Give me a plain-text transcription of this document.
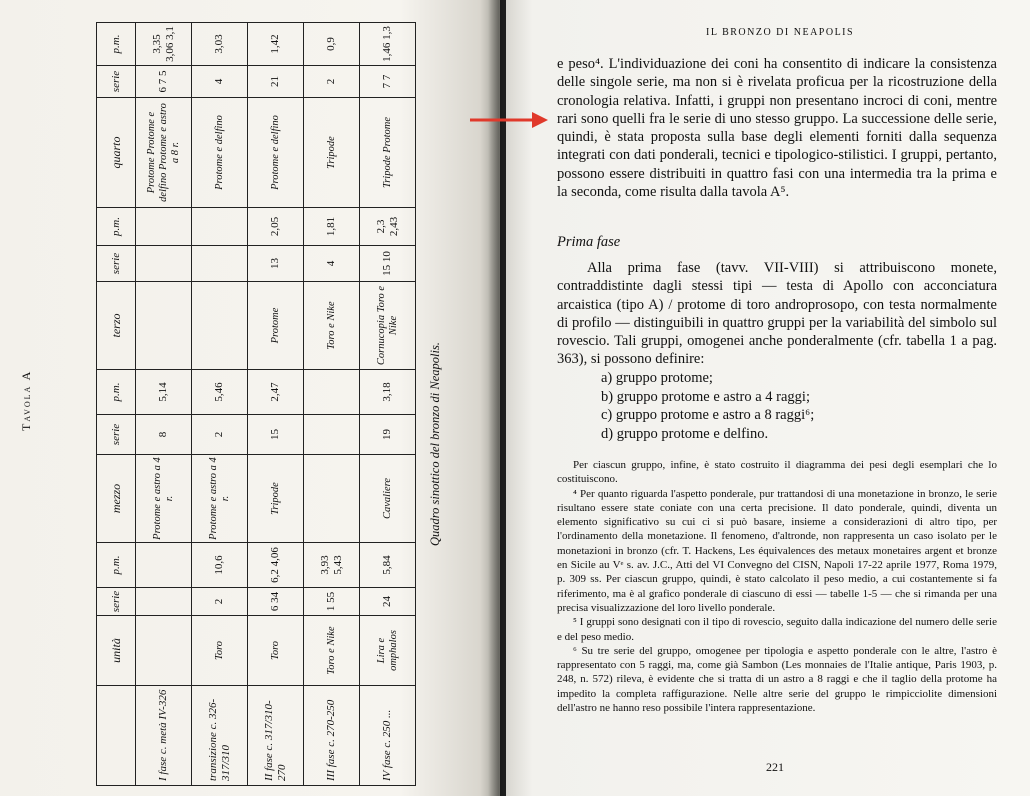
Tavola A
	unità	serie	p.m.	mezzo	serie	p.m.	terzo	serie	p.m.	quarto	serie	p.m.
I fase c. metà IV-326				Protome e astro a 4 r.	8	5,14				Protome Protome e delfino Protome e astro a 8 r.	6 7 5	3,35 3,06 3,1
transizione c. 326-317/310	Toro	2	10,6	Protome e astro a 4 r.	2	5,46				Protome e delfino	4	3,03
II fase c. 317/310-270	Toro	6 34	6,2 4,06	Tripode	15	2,47	Protome	13	2,05	Protome e delfino	21	1,42
III fase c. 270-250	Toro e Nike	1 55	3,93 5,43				Toro e Nike	4	1,81	Tripode	2	0,9
IV fase c. 250 ...	Lira e omphalos	24	5,84	Cavaliere	19	3,18	Cornucopia Toro e Nike	15 10	2,3 2,43	Tripode Protome	7 7	1,46 1,3
Quadro sinottico del bronzo di Neapolis.
IL BRONZO DI NEAPOLIS

e peso⁴. L'individuazione dei coni ha consentito di indicare la consistenza delle singole serie, ma non si è rivelata proficua per la ricostruzione della cronologia relativa. Infatti, i gruppi non presentano incroci di coni, mentre rari sono quelli fra le serie di uno stesso gruppo. La successione delle serie, quindi, è stata proposta sulla base degli elementi forniti dalla sequenza integrati con dati ponderali, tecnici e tipologico-stilistici. I gruppi, pertanto, possono essere distribuiti in quattro fasi con una intermedia tra la prima e la seconda, come risulta dalla tavola A⁵.

Prima fase
Alla prima fase (tavv. VII-VIII) si attribuiscono monete, contraddistinte dagli stessi tipi — testa di Apollo con acconciatura arcaistica (tipo A) / protome di toro androprosopo, con testa normalmente di profilo — distinguibili in quattro gruppi per la variabilità del simbolo sul rovescio. Tali gruppi, omogenei anche ponderalmente (cfr. tabella 1 a pag. 363), si possono definire:
a) gruppo protome;
b) gruppo protome e astro a 4 raggi;
c) gruppo protome e astro a 8 raggi⁶;
d) gruppo protome e delfino.

Per ciascun gruppo, infine, è stato costruito il diagramma dei pesi degli esemplari che lo costituiscono.

⁴ Per quanto riguarda l'aspetto ponderale, pur trattandosi di una monetazione in bronzo, le serie risultano essere state coniate con una certa precisione. Il dato ponderale, quindi, diventa un elemento significativo su cui ci si può basare, insieme a considerazioni di altro tipo, per l'ordinamento della monetazione. Il fenomeno, d'altronde, non rappresenta un caso isolato per le monetazioni in bronzo (cfr. T. Hackens, Les équivalences des metaux monetaires argent et bronze en Sicile au Vᵉ s. av. J.C., Atti del VI Convegno del CISN, Napoli 17-22 aprile 1977, Roma 1979, p. 309 ss. Per ciascun gruppo, quindi, è stato calcolato il peso medio, a cui costantemente si fa riferimento, ma è al grafico ponderale di ciascuno di essi — tabelle 1-5 — che si rimanda per una precisa visualizzazione del loro livello ponderale.

⁵ I gruppi sono designati con il tipo di rovescio, seguito dalla indicazione del numero delle serie e del peso medio.

⁶ Su tre serie del gruppo, omogenee per tipologia e aspetto ponderale con le altre, l'astro è rappresentato con 5 raggi, ma, come già Sambon (Les monnaies de l'Italie antique, Paris 1903, p. 248, n. 572) rileva, è evidente che si tratta di un astro a 8 raggi e che il taglio della protome ha impedito la completa raffigurazione. Nelle altre serie del gruppo le rimpicciolite dimensioni dell'astro ne hanno reso possibile l'intera rappresentazione.

221
